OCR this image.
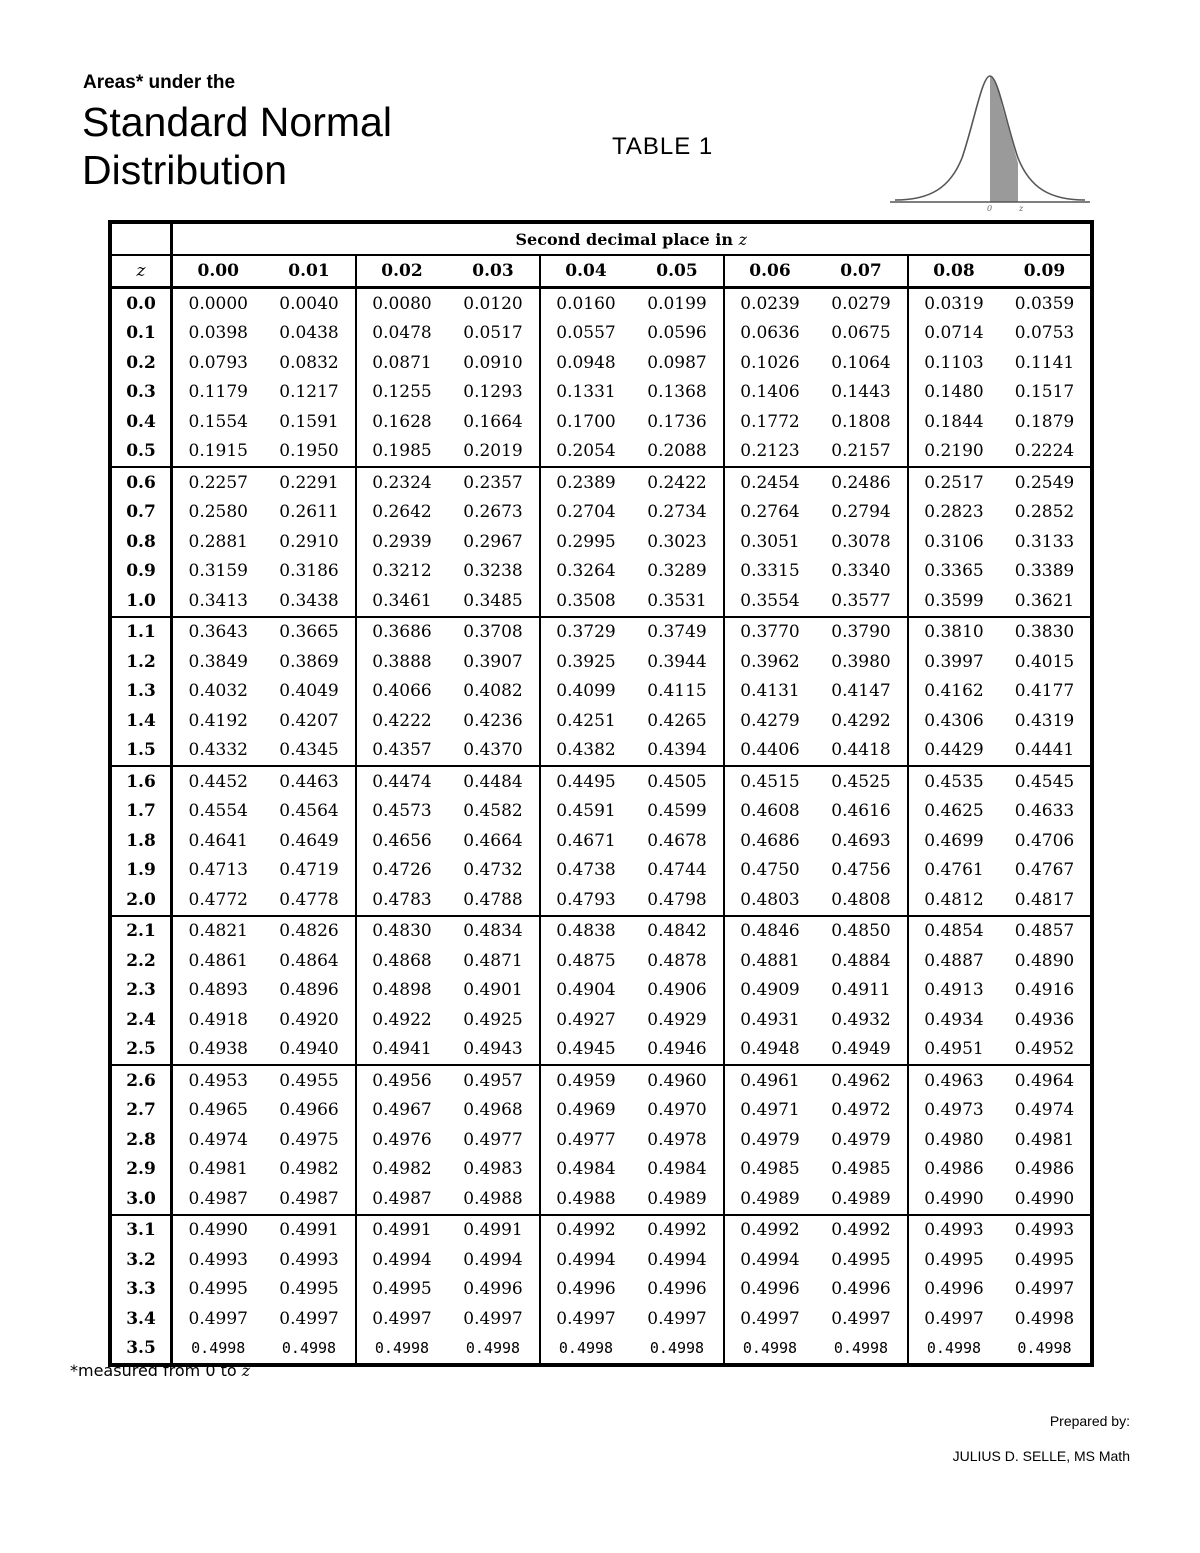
Areas* under the
Standard Normal
Distribution
TABLE 1
0	z
	Second decimal place in z									
z	0.00	0.01	0.02	0.03	0.04	0.05	0.06	0.07	0.08	0.09
0.0	0.0000	0.0040	0.0080	0.0120	0.0160	0.0199	0.0239	0.0279	0.0319	0.0359
0.1	0.0398	0.0438	0.0478	0.0517	0.0557	0.0596	0.0636	0.0675	0.0714	0.0753
0.2	0.0793	0.0832	0.0871	0.0910	0.0948	0.0987	0.1026	0.1064	0.1103	0.1141
0.3	0.1179	0.1217	0.1255	0.1293	0.1331	0.1368	0.1406	0.1443	0.1480	0.1517
0.4	0.1554	0.1591	0.1628	0.1664	0.1700	0.1736	0.1772	0.1808	0.1844	0.1879
0.5	0.1915	0.1950	0.1985	0.2019	0.2054	0.2088	0.2123	0.2157	0.2190	0.2224
0.6	0.2257	0.2291	0.2324	0.2357	0.2389	0.2422	0.2454	0.2486	0.2517	0.2549
0.7	0.2580	0.2611	0.2642	0.2673	0.2704	0.2734	0.2764	0.2794	0.2823	0.2852
0.8	0.2881	0.2910	0.2939	0.2967	0.2995	0.3023	0.3051	0.3078	0.3106	0.3133
0.9	0.3159	0.3186	0.3212	0.3238	0.3264	0.3289	0.3315	0.3340	0.3365	0.3389
1.0	0.3413	0.3438	0.3461	0.3485	0.3508	0.3531	0.3554	0.3577	0.3599	0.3621
1.1	0.3643	0.3665	0.3686	0.3708	0.3729	0.3749	0.3770	0.3790	0.3810	0.3830
1.2	0.3849	0.3869	0.3888	0.3907	0.3925	0.3944	0.3962	0.3980	0.3997	0.4015
1.3	0.4032	0.4049	0.4066	0.4082	0.4099	0.4115	0.4131	0.4147	0.4162	0.4177
1.4	0.4192	0.4207	0.4222	0.4236	0.4251	0.4265	0.4279	0.4292	0.4306	0.4319
1.5	0.4332	0.4345	0.4357	0.4370	0.4382	0.4394	0.4406	0.4418	0.4429	0.4441
1.6	0.4452	0.4463	0.4474	0.4484	0.4495	0.4505	0.4515	0.4525	0.4535	0.4545
1.7	0.4554	0.4564	0.4573	0.4582	0.4591	0.4599	0.4608	0.4616	0.4625	0.4633
1.8	0.4641	0.4649	0.4656	0.4664	0.4671	0.4678	0.4686	0.4693	0.4699	0.4706
1.9	0.4713	0.4719	0.4726	0.4732	0.4738	0.4744	0.4750	0.4756	0.4761	0.4767
2.0	0.4772	0.4778	0.4783	0.4788	0.4793	0.4798	0.4803	0.4808	0.4812	0.4817
2.1	0.4821	0.4826	0.4830	0.4834	0.4838	0.4842	0.4846	0.4850	0.4854	0.4857
2.2	0.4861	0.4864	0.4868	0.4871	0.4875	0.4878	0.4881	0.4884	0.4887	0.4890
2.3	0.4893	0.4896	0.4898	0.4901	0.4904	0.4906	0.4909	0.4911	0.4913	0.4916
2.4	0.4918	0.4920	0.4922	0.4925	0.4927	0.4929	0.4931	0.4932	0.4934	0.4936
2.5	0.4938	0.4940	0.4941	0.4943	0.4945	0.4946	0.4948	0.4949	0.4951	0.4952
2.6	0.4953	0.4955	0.4956	0.4957	0.4959	0.4960	0.4961	0.4962	0.4963	0.4964
2.7	0.4965	0.4966	0.4967	0.4968	0.4969	0.4970	0.4971	0.4972	0.4973	0.4974
2.8	0.4974	0.4975	0.4976	0.4977	0.4977	0.4978	0.4979	0.4979	0.4980	0.4981
2.9	0.4981	0.4982	0.4982	0.4983	0.4984	0.4984	0.4985	0.4985	0.4986	0.4986
3.0	0.4987	0.4987	0.4987	0.4988	0.4988	0.4989	0.4989	0.4989	0.4990	0.4990
3.1	0.4990	0.4991	0.4991	0.4991	0.4992	0.4992	0.4992	0.4992	0.4993	0.4993
3.2	0.4993	0.4993	0.4994	0.4994	0.4994	0.4994	0.4994	0.4995	0.4995	0.4995
3.3	0.4995	0.4995	0.4995	0.4996	0.4996	0.4996	0.4996	0.4996	0.4996	0.4997
3.4	0.4997	0.4997	0.4997	0.4997	0.4997	0.4997	0.4997	0.4997	0.4997	0.4998
3.5	0.4998	0.4998	0.4998	0.4998	0.4998	0.4998	0.4998	0.4998	0.4998	0.4998
*measured from 0 to z
Prepared by:
JULIUS D. SELLE, MS Math
